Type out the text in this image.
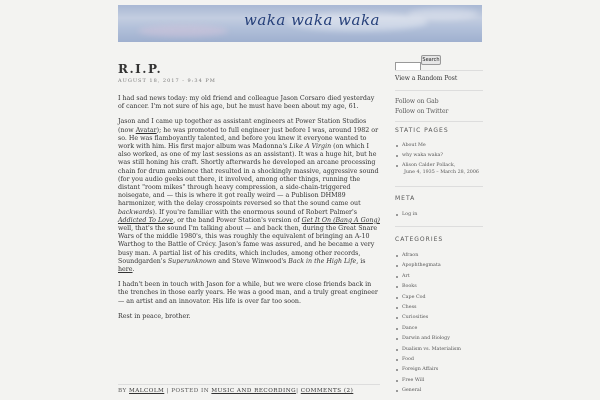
waka waka waka
R.I.P.
AUGUST 18, 2017 - 9:34 PM

I had sad news today: my old friend and colleague Jason Corsaro died yesterday of cancer. I'm not sure of his age, but he must have been about my age, 61.

Jason and I came up together as assistant engineers at Power Station Studios (now Avatar); he was promoted to full engineer just before I was, around 1982 or so. He was flamboyantly talented, and before you knew it everyone wanted to work with him. His first major album was Madonna's Like A Virgin (on which I also worked, as one of my last sessions as an assistant). It was a huge hit, but he was still honing his craft. Shortly afterwards he developed an arcane processing chain for drum ambience that resulted in a shockingly massive, aggressive sound (for you audio geeks out there, it involved, among other things, running the distant "room mikes" through heavy compression, a side-chain-triggered noisegate, and — this is where it got really weird — a Publison DHM89 harmonizer, with the delay crosspoints reversed so that the sound came out backwards). If you're familiar with the enormous sound of Robert Palmer's Addicted To Love, or the band Power Station's version of Get It On (Bang A Gong) well, that's the sound I'm talking about — and back then, during the Great Snare Wars of the middle 1980's, this was roughly the equivalent of bringing an A-10 Warthog to the Battle of Crécy. Jason's fame was assured, and he became a very busy man. A partial list of his credits, which includes, among other records, Soundgarden's Superunknown and Steve Winwood's Back in the High Life, is here.

I hadn't been in touch with Jason for a while, but we were close friends back in the trenches in those early years. He was a good man, and a truly great engineer — an artist and an innovator. His life is over far too soon.

Rest in peace, brother.

BY MALCOLM | POSTED IN MUSIC AND RECORDING| COMMENTS (2)
Search
View a Random Post
Follow on Gab
Follow on Twitter
STATIC PAGES
About Me
why waka waka?
Alison Calder Pollack,
June 4, 1935 – March 28, 2006
META
Log in
CATEGORIES
Afraon
Apophthegmata
Art
Books
Cape Cod
Chess
Curiosities
Dance
Darwin and Biology
Dualism vs. Materialism
Food
Foreign Affairs
Free Will
General
